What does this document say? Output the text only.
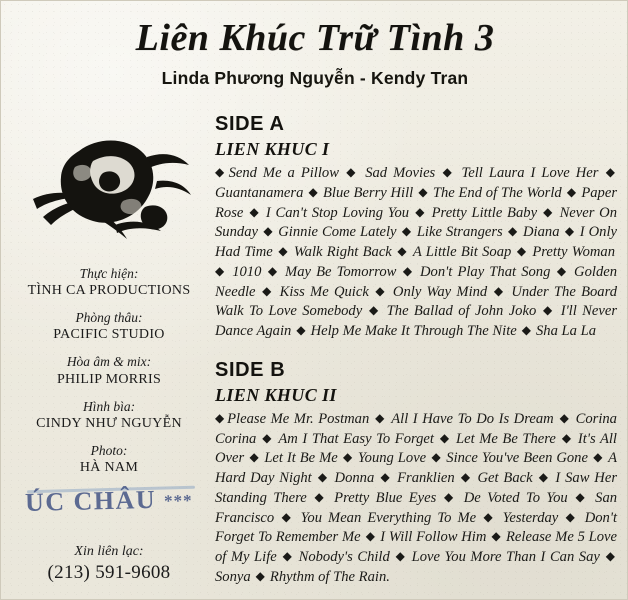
Liên Khúc Trữ Tình 3

Linda Phương Nguyễn - Kendy Tran

Thực hiện:
TÌNH CA PRODUCTIONS
Phòng thâu:
PACIFIC STUDIO
Hòa âm & mix:
PHILIP MORRIS
Hình bìa:
CINDY NHƯ NGUYỄN
Photo:
HÀ NAM
ÚC CHÂU ***
Xin liên lạc:
(213) 591-9608
SIDE A
LIEN KHUC I

◆ Send Me a Pillow ◆ Sad Movies ◆ Tell Laura I Love Her ◆ Guantanamera ◆ Blue Berry Hill ◆ The End of The World ◆ Paper Rose ◆ I Can't Stop Loving You ◆ Pretty Little Baby ◆ Never On Sunday ◆ Ginnie Come Lately ◆ Like Strangers ◆ Diana ◆ I Only Had Time ◆ Walk Right Back ◆ A Little Bit Soap ◆ Pretty Woman ◆ 1010 ◆ May Be Tomorrow ◆ Don't Play That Song ◆ Golden Needle ◆ Kiss Me Quick ◆ Only Way Mind ◆ Under The Board Walk To Love Somebody ◆ The Ballad of John Joko ◆ I'll Never Dance Again ◆ Help Me Make It Through The Nite ◆ Sha La La

SIDE B
LIEN KHUC II

◆ Please Me Mr. Postman ◆ All I Have To Do Is Dream ◆ Corina Corina ◆ Am I That Easy To Forget ◆ Let Me Be There ◆ It's All Over ◆ Let It Be Me ◆ Young Love ◆ Since You've Been Gone ◆ A Hard Day Night ◆ Donna ◆ Franklien ◆ Get Back ◆ I Saw Her Standing There ◆ Pretty Blue Eyes ◆ De Voted To You ◆ San Francisco ◆ You Mean Everything To Me ◆ Yesterday ◆ Don't Forget To Remember Me ◆ I Will Follow Him ◆ Release Me 5 Love of My Life ◆ Nobody's Child ◆ Love You More Than I Can Say ◆ Sonya ◆ Rhythm of The Rain.
